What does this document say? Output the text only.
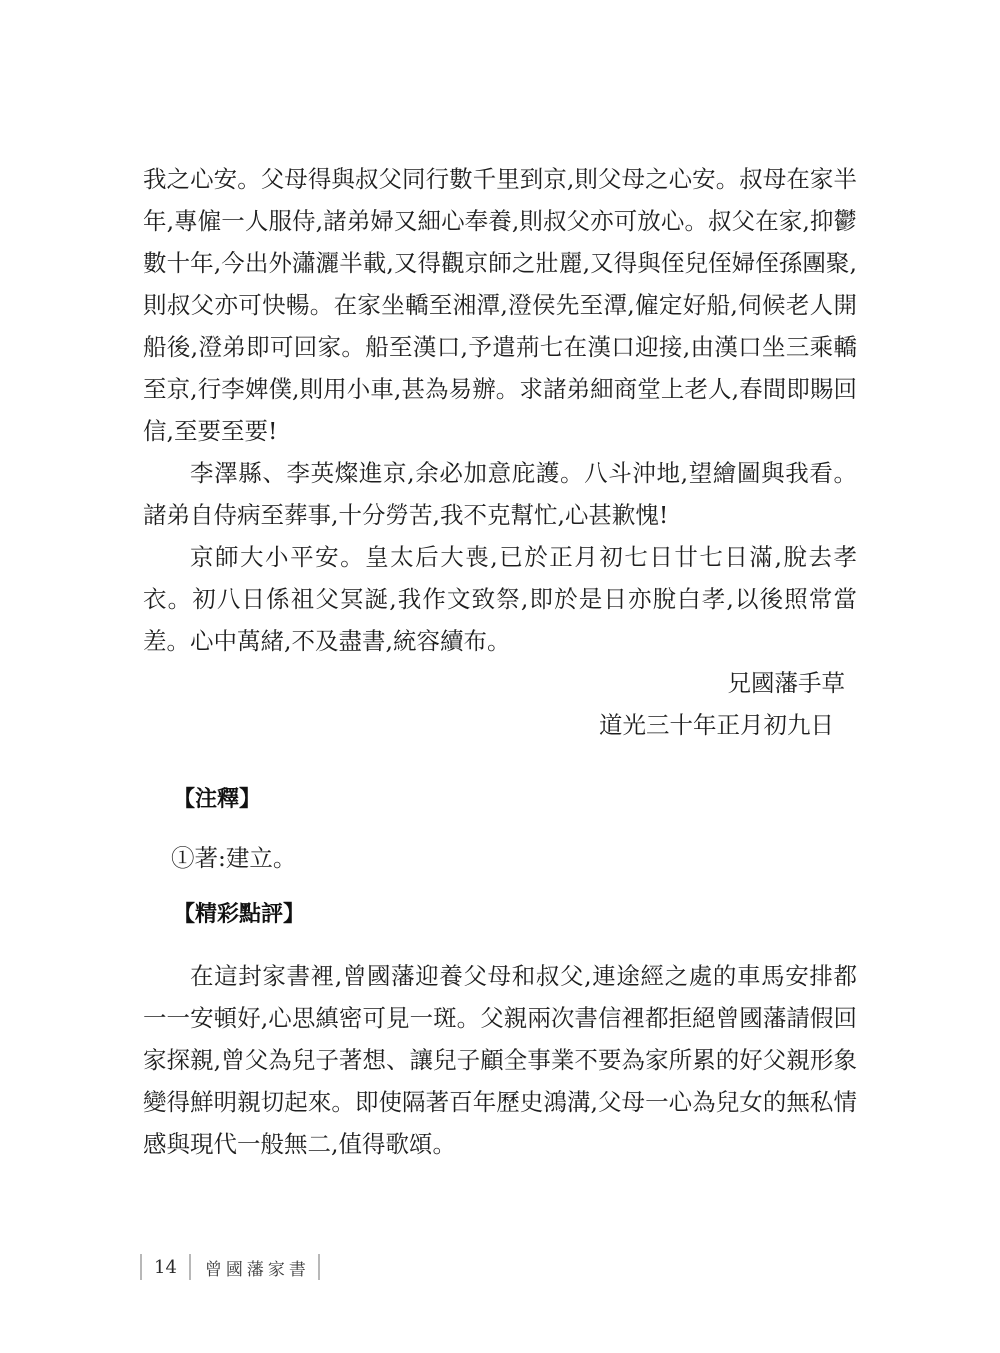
我之心安。父母得與叔父同行數千里到京,則父母之心安。叔母在家半年,專僱一人服侍,諸弟婦又細心奉養,則叔父亦可放心。叔父在家,抑鬱數十年,今出外瀟灑半載,又得觀京師之壯麗,又得與侄兒侄婦侄孫團聚,則叔父亦可快暢。在家坐轎至湘潭,澄侯先至潭,僱定好船,伺候老人開船後,澄弟即可回家。船至漢口,予遣荊七在漢口迎接,由漢口坐三乘轎至京,行李婢僕,則用小車,甚為易辦。求諸弟細商堂上老人,春間即賜回信,至要至要!

李澤縣、李英燦進京,余必加意庇護。八斗沖地,望繪圖與我看。諸弟自侍病至葬事,十分勞苦,我不克幫忙,心甚歉愧!

京師大小平安。皇太后大喪,已於正月初七日廿七日滿,脫去孝衣。初八日係祖父冥誕,我作文致祭,即於是日亦脫白孝,以後照常當差。心中萬緒,不及盡書,統容續布。

兄國藩手草

道光三十年正月初九日

【注釋】

①著:建立。

【精彩點評】

在這封家書裡,曾國藩迎養父母和叔父,連途經之處的車馬安排都一一安頓好,心思縝密可見一斑。父親兩次書信裡都拒絕曾國藩請假回家探親,曾父為兒子著想、讓兒子顧全事業不要為家所累的好父親形象變得鮮明親切起來。即使隔著百年歷史鴻溝,父母一心為兒女的無私情感與現代一般無二,值得歌頌。

14 曾國藩家書
